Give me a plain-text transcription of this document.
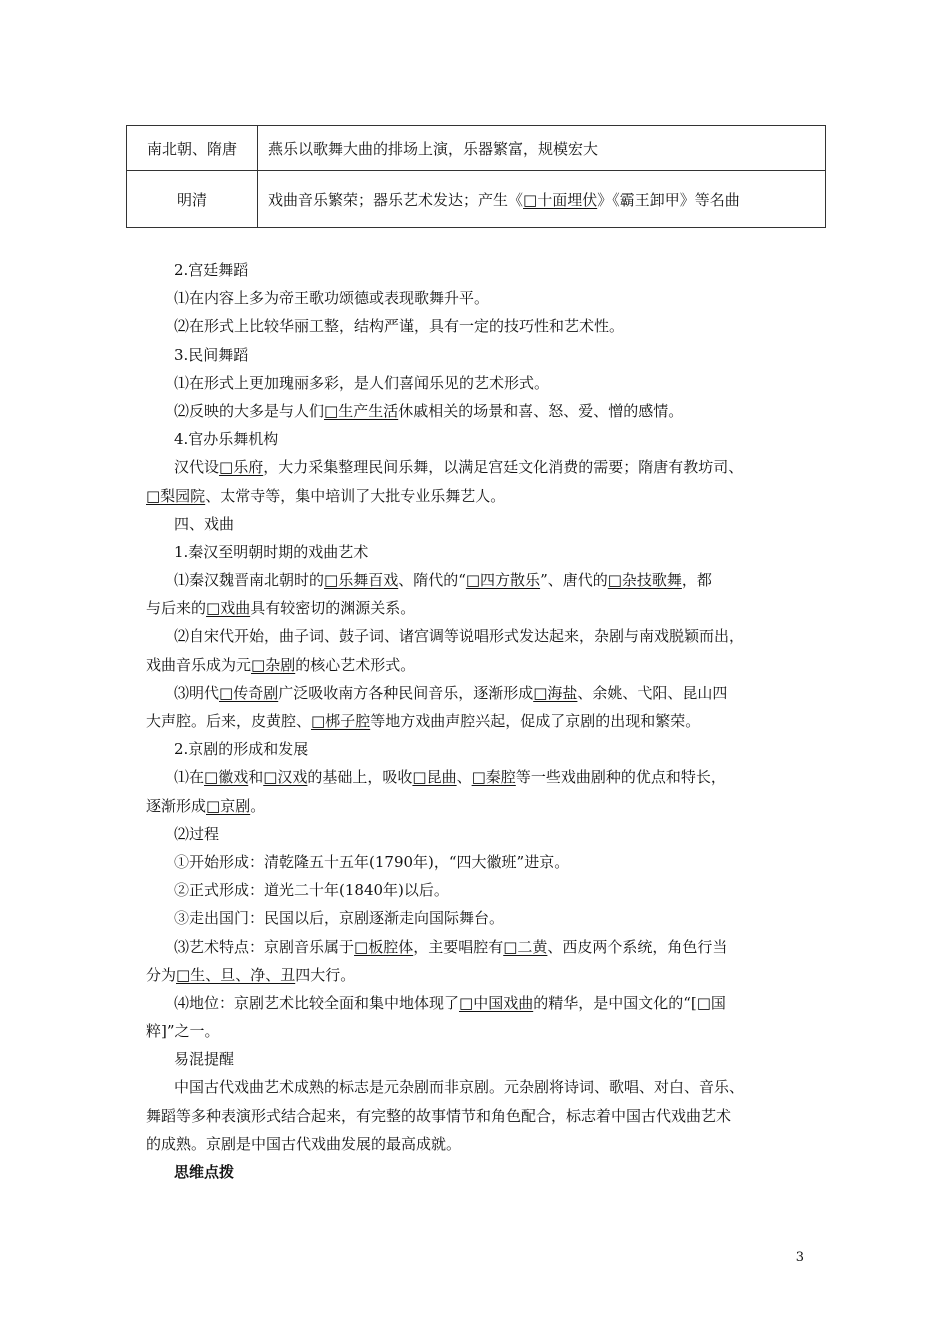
南北朝、隋唐	燕乐以歌舞大曲的排场上演，乐器繁富，规模宏大
明清	戏曲音乐繁荣；器乐艺术发达；产生《□十面埋伏》《霸王卸甲》等名曲
2.宫廷舞蹈
⑴在内容上多为帝王歌功颂德或表现歌舞升平。
⑵在形式上比较华丽工整，结构严谨，具有一定的技巧性和艺术性。
3.民间舞蹈
⑴在形式上更加瑰丽多彩，是人们喜闻乐见的艺术形式。
⑵反映的大多是与人们□生产生活休戚相关的场景和喜、怒、爱、憎的感情。
4.官办乐舞机构
汉代设□乐府，大力采集整理民间乐舞，以满足宫廷文化消费的需要；隋唐有教坊司、
□梨园院、太常寺等，集中培训了大批专业乐舞艺人。
四、戏曲
1.秦汉至明朝时期的戏曲艺术
⑴秦汉魏晋南北朝时的□乐舞百戏、隋代的“□四方散乐”、唐代的□杂技歌舞，都
与后来的□戏曲具有较密切的渊源关系。
⑵自宋代开始，曲子词、鼓子词、诸宫调等说唱形式发达起来，杂剧与南戏脱颖而出，
戏曲音乐成为元□杂剧的核心艺术形式。
⑶明代□传奇剧广泛吸收南方各种民间音乐，逐渐形成□海盐、余姚、弋阳、昆山四
大声腔。后来，皮黄腔、□梆子腔等地方戏曲声腔兴起，促成了京剧的出现和繁荣。
2.京剧的形成和发展
⑴在□徽戏和□汉戏的基础上，吸收□昆曲、□秦腔等一些戏曲剧种的优点和特长，
逐渐形成□京剧。
⑵过程
①开始形成：清乾隆五十五年(1790年)，“四大徽班”进京。
②正式形成：道光二十年(1840年)以后。
③走出国门：民国以后，京剧逐渐走向国际舞台。
⑶艺术特点：京剧音乐属于□板腔体，主要唱腔有□二黄、西皮两个系统，角色行当
分为□生、旦、净、丑四大行。
⑷地位：京剧艺术比较全面和集中地体现了□中国戏曲的精华，是中国文化的“[□国
粹]”之一。
易混提醒
中国古代戏曲艺术成熟的标志是元杂剧而非京剧。元杂剧将诗词、歌唱、对白、音乐、
舞蹈等多种表演形式结合起来，有完整的故事情节和角色配合，标志着中国古代戏曲艺术
的成熟。京剧是中国古代戏曲发展的最高成就。
思维点拨
3
